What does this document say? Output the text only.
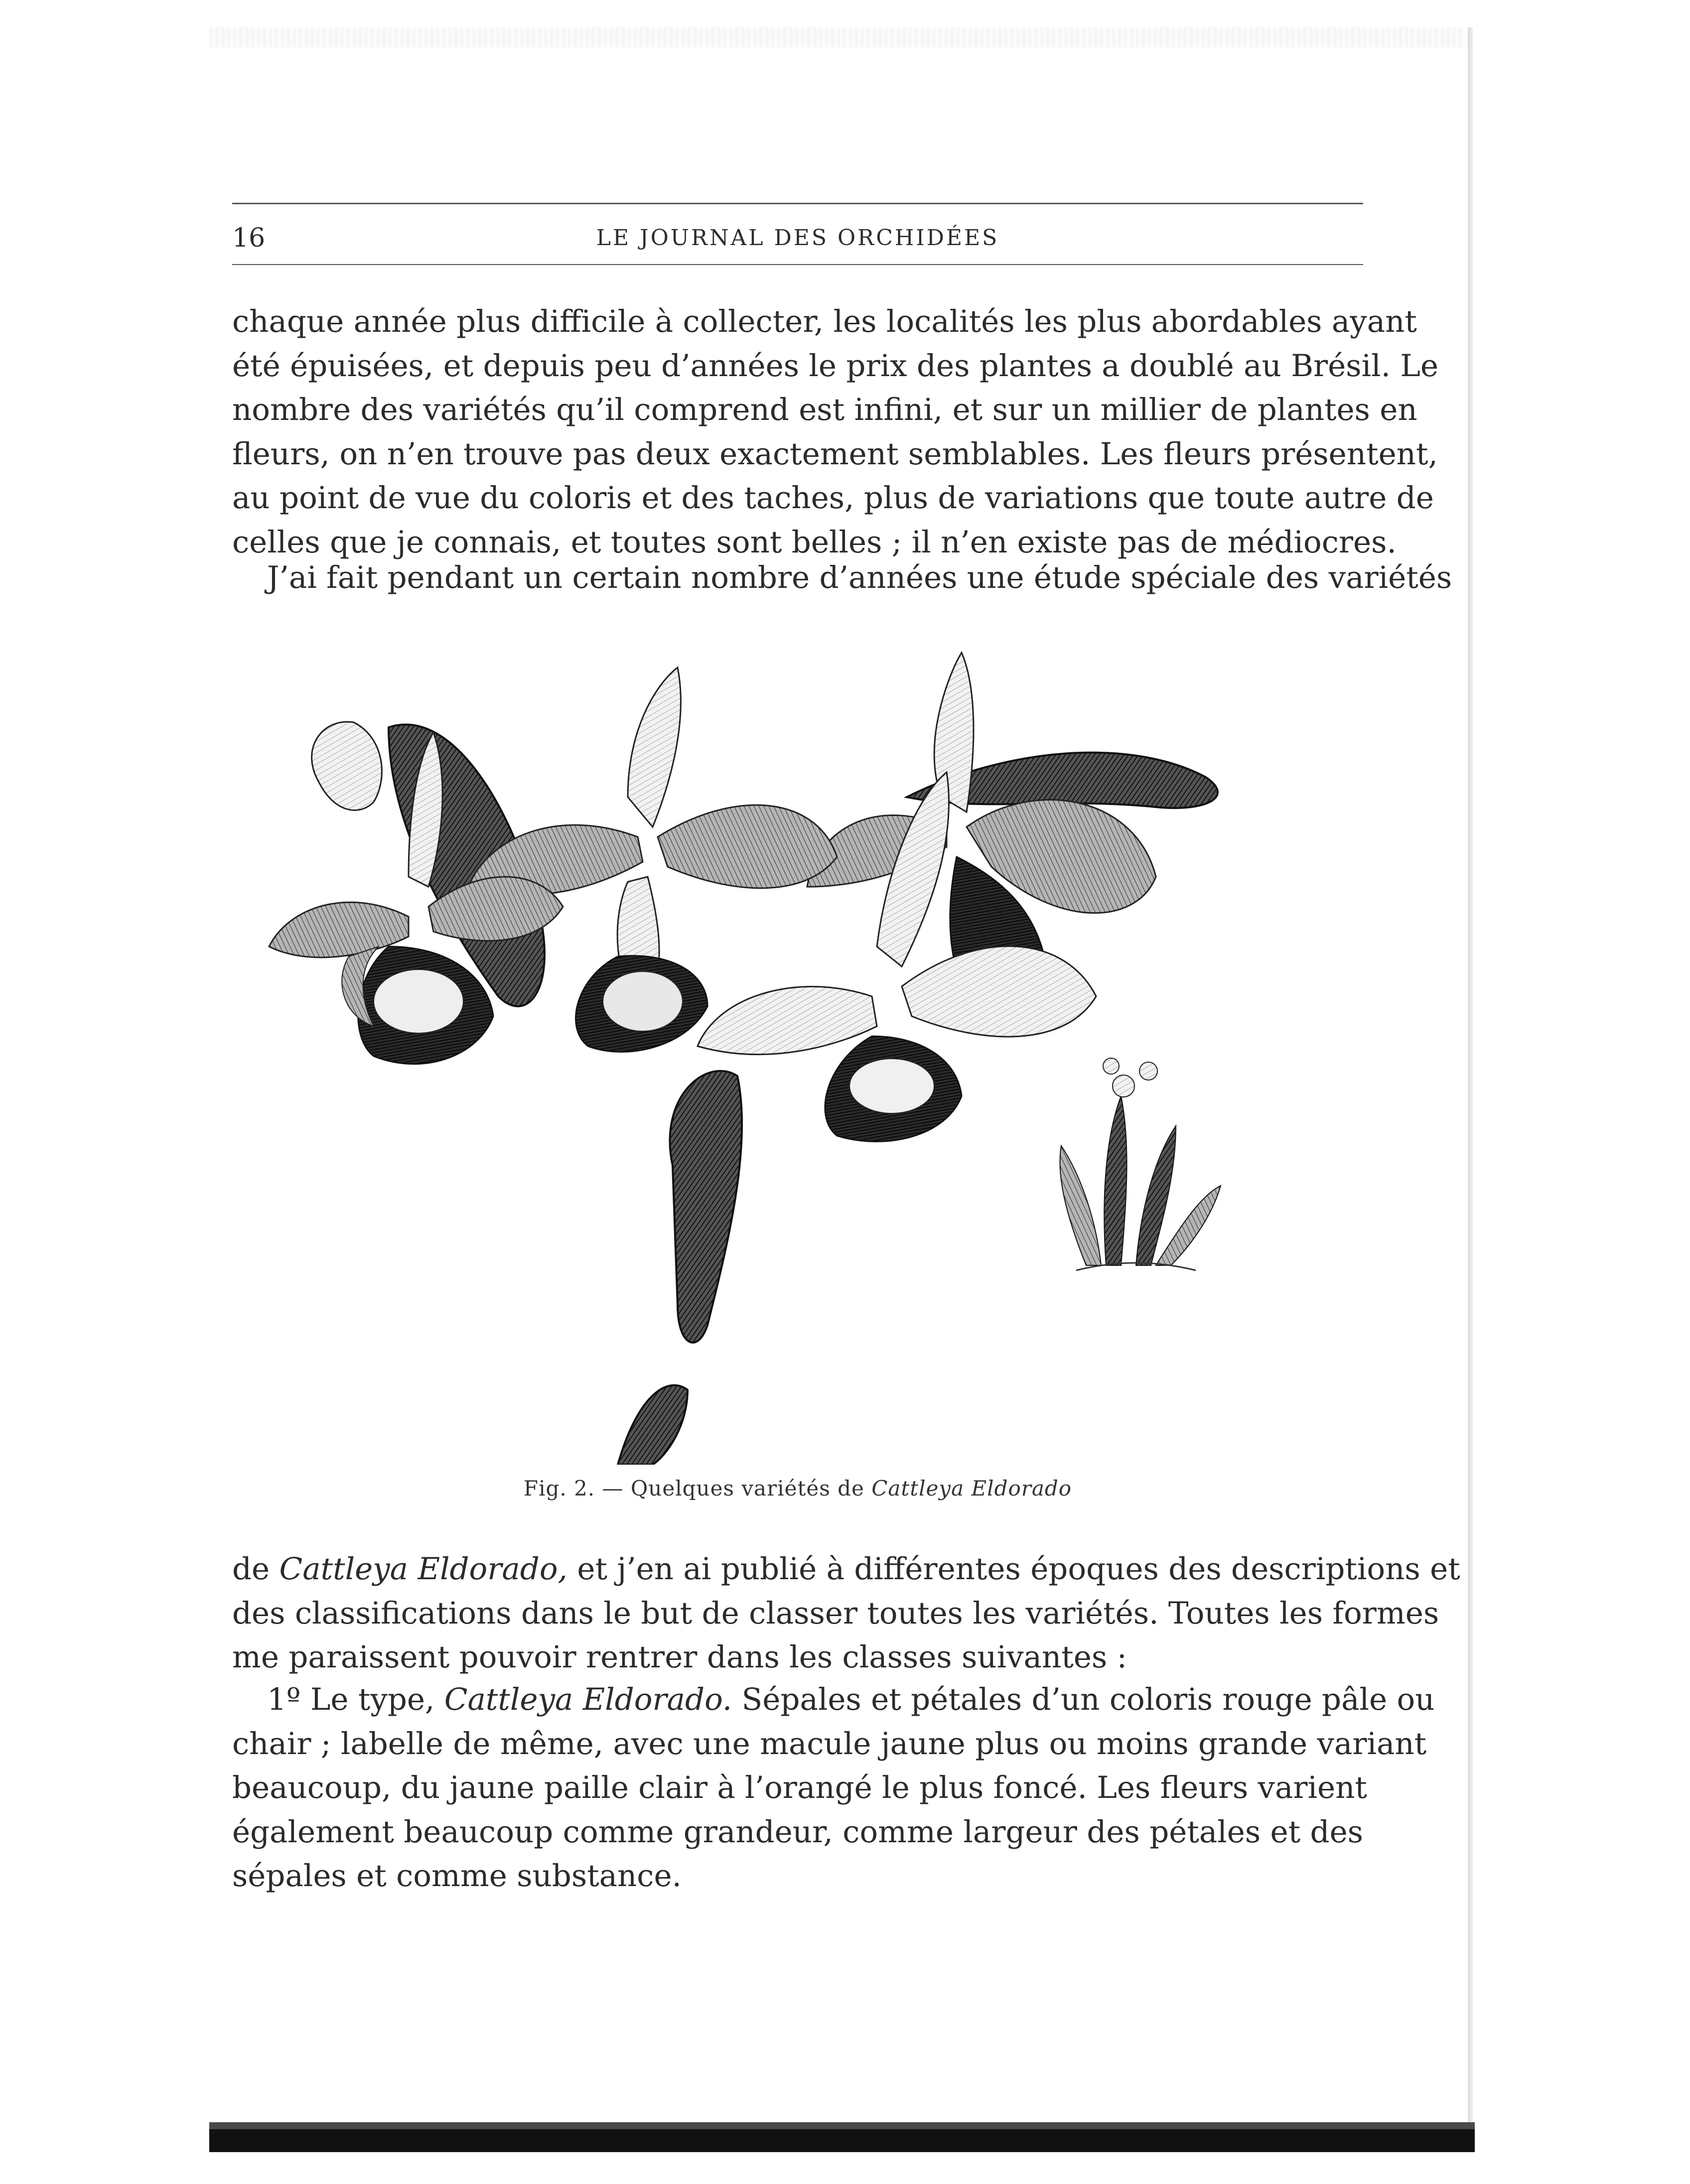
16	LE JOURNAL DES ORCHIDÉES

chaque année plus difficile à collecter, les localités les plus abordables ayant
été épuisées, et depuis peu d’années le prix des plantes a doublé au Brésil. Le
nombre des variétés qu’il comprend est infini, et sur un millier de plantes en
fleurs, on n’en trouve pas deux exactement semblables. Les fleurs présentent,
au point de vue du coloris et des taches, plus de variations que toute autre de
celles que je connais, et toutes sont belles ; il n’en existe pas de médiocres.

J’ai fait pendant un certain nombre d’années une étude spéciale des variétés

Fig. 2. — Quelques variétés de Cattleya Eldorado

de Cattleya Eldorado, et j’en ai publié à différentes époques des descriptions et
des classifications dans le but de classer toutes les variétés. Toutes les formes
me paraissent pouvoir rentrer dans les classes suivantes :

1º Le type, Cattleya Eldorado. Sépales et pétales d’un coloris rouge pâle ou
chair ; labelle de même, avec une macule jaune plus ou moins grande variant
beaucoup, du jaune paille clair à l’orangé le plus foncé. Les fleurs varient
également beaucoup comme grandeur, comme largeur des pétales et des
sépales et comme substance.
